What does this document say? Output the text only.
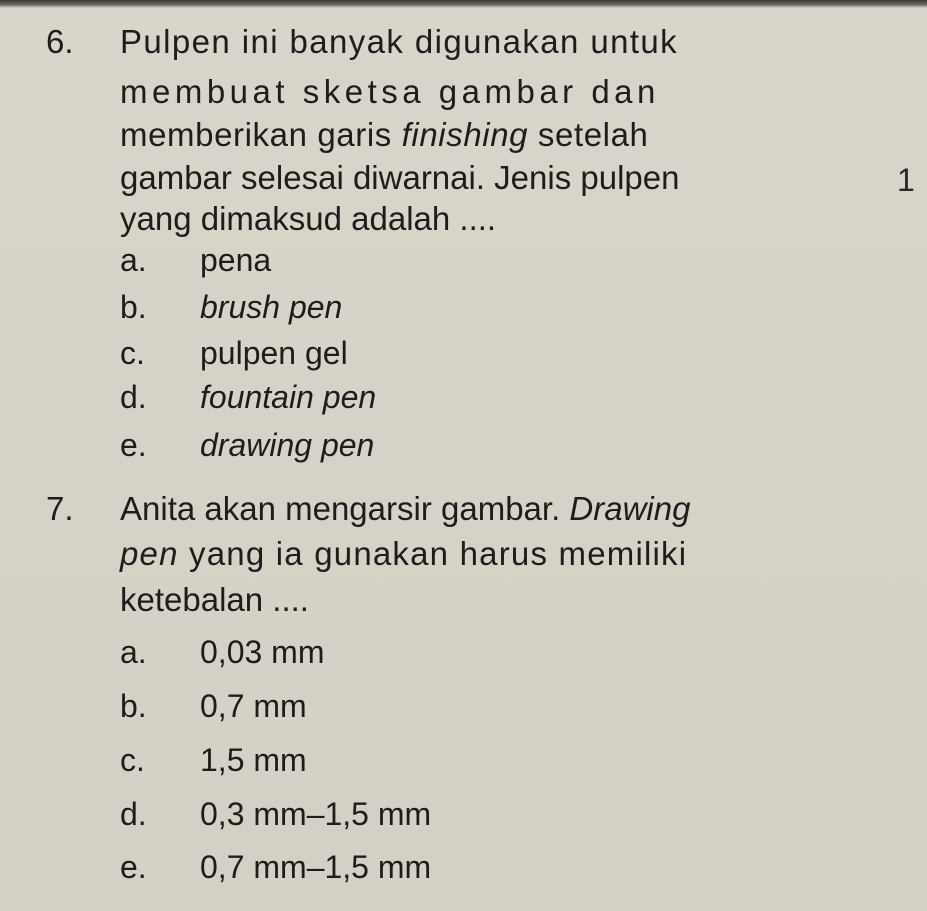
1
6. Pulpen ini banyak digunakan untuk
membuat sketsa gambar dan
memberikan garis finishing setelah
gambar selesai diwarnai. Jenis pulpen
yang dimaksud adalah ....
a. pena
b. brush pen
c. pulpen gel
d. fountain pen
e. drawing pen
7. Anita akan mengarsir gambar. Drawing
pen yang ia gunakan harus memiliki
ketebalan ....
a. 0,03 mm
b. 0,7 mm
c. 1,5 mm
d. 0,3 mm–1,5 mm
e. 0,7 mm–1,5 mm
